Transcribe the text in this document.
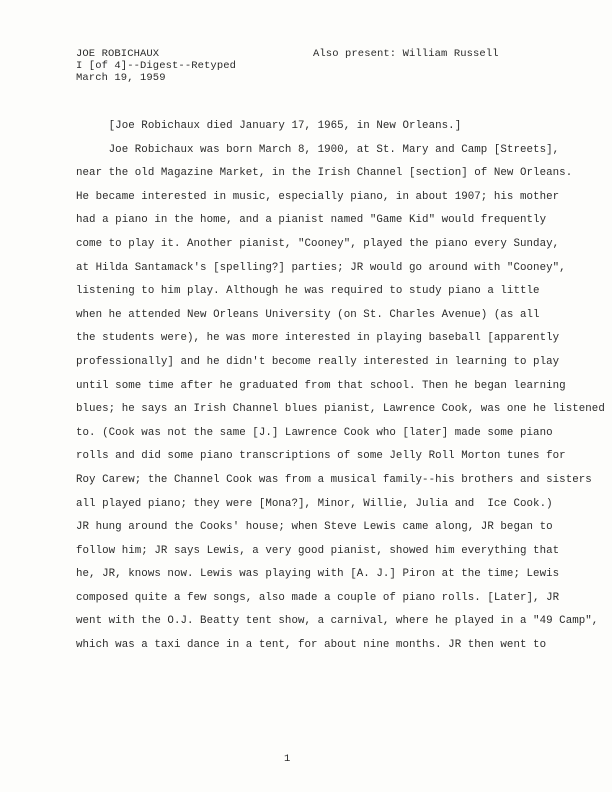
JOE ROBICHAUX
I [of 4]--Digest--Retyped
March 19, 1959
Also present: William Russell
[Joe Robichaux died January 17, 1965, in New Orleans.]
Joe Robichaux was born March 8, 1900, at St. Mary and Camp [Streets],
near the old Magazine Market, in the Irish Channel [section] of New Orleans.
He became interested in music, especially piano, in about 1907; his mother
had a piano in the home, and a pianist named "Game Kid" would frequently
come to play it. Another pianist, "Cooney", played the piano every Sunday,
at Hilda Santamack's [spelling?] parties; JR would go around with "Cooney",
listening to him play. Although he was required to study piano a little
when he attended New Orleans University (on St. Charles Avenue) (as all
the students were), he was more interested in playing baseball [apparently
professionally] and he didn't become really interested in learning to play
until some time after he graduated from that school. Then he began learning
blues; he says an Irish Channel blues pianist, Lawrence Cook, was one he listened
to. (Cook was not the same [J.] Lawrence Cook who [later] made some piano
rolls and did some piano transcriptions of some Jelly Roll Morton tunes for
Roy Carew; the Channel Cook was from a musical family--his brothers and sisters
all played piano; they were [Mona?], Minor, Willie, Julia and  Ice Cook.)
JR hung around the Cooks' house; when Steve Lewis came along, JR began to
follow him; JR says Lewis, a very good pianist, showed him everything that
he, JR, knows now. Lewis was playing with [A. J.] Piron at the time; Lewis
composed quite a few songs, also made a couple of piano rolls. [Later], JR
went with the O.J. Beatty tent show, a carnival, where he played in a "49 Camp",
which was a taxi dance in a tent, for about nine months. JR then went to
1
